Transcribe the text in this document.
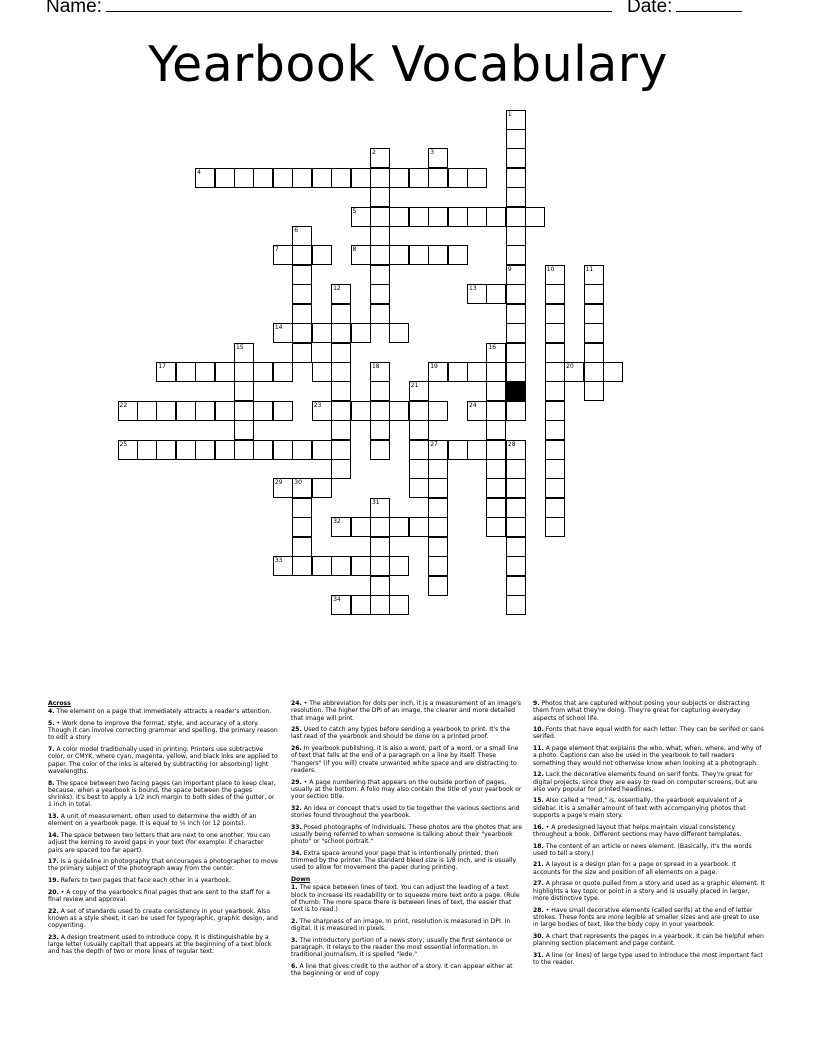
Name:	Date:
Yearbook Vocabulary
1
2	3
4
5
6
7	8
9	10	11
12	13
14
15	16
17	18	19	20
21
22	23	24
25	27	28
29 30
31
32
33
34
Across
4. The element on a page that immediately attracts a reader's attention.
5. • Work done to improve the format, style, and accuracy of a story. Though it can involve correcting grammar and spelling, the primary reason to edit a story
7. A color model traditionally used in printing. Printers use subtractive color, or CMYK, where cyan, magenta, yellow, and black inks are applied to paper. The color of the inks is altered by subtracting (or absorbing) light wavelengths.
8. The space between two facing pages (an important place to keep clear, because, when a yearbook is bound, the space between the pages shrinks). It's best to apply a 1/2 inch margin to both sides of the gutter, or 1 inch in total.
13. A unit of measurement, often used to determine the width of an element on a yearbook page. It is equal to ⅙ inch (or 12 points).
14. The space between two letters that are next to one another. You can adjust the kerning to avoid gaps in your text (for example: if character pairs are spaced too far apart).
17. Is a guideline in photography that encourages a photographer to move the primary subject of the photograph away from the center.
19. Refers to two pages that face each other in a yearbook.
20. • A copy of the yearbook's final pages that are sent to the staff for a final review and approval.
22. A set of standards used to create consistency in your yearbook. Also known as a style sheet, it can be used for typographic, graphic design, and copywriting.
23. A design treatment used to introduce copy. It is distinguishable by a large letter (usually capital) that appears at the beginning of a text block and has the depth of two or more lines of regular text.
24. • The abbreviation for dots per inch, it is a measurement of an image's resolution. The higher the DPI of an image, the clearer and more detailed that image will print.
25. Used to catch any typos before sending a yearbook to print. It's the last read of the yearbook and should be done on a printed proof.
26. In yearbook publishing, it is also a word, part of a word, or a small line of text that falls at the end of a paragraph on a line by itself. These "hangers" (if you will) create unwanted white space and are distracting to readers.
29. • A page numbering that appears on the outside portion of pages, usually at the bottom. A folio may also contain the title of your yearbook or your section title.
32. An idea or concept that's used to tie together the various sections and stories found throughout the yearbook.
33. Posed photographs of individuals. These photos are the photos that are usually being referred to when someone is talking about their "yearbook photo" or "school portrait."
34. Extra space around your page that is intentionally printed, then trimmed by the printer. The standard bleed size is 1/8 inch, and is usually used to allow for movement the paper during printing.
Down
1. The space between lines of text. You can adjust the leading of a text block to increase its readability or to squeeze more text onto a page. (Rule of thumb: The more space there is between lines of text, the easier that text is to read.)
2. The sharpness of an image. In print, resolution is measured in DPI. In digital, it is measured in pixels.
3. The introductory portion of a news story; usually the first sentence or paragraph. It relays to the reader the most essential information. In traditional journalism, it is spelled "lede."
6. A line that gives credit to the author of a story. It can appear either at the beginning or end of copy
9. Photos that are captured without posing your subjects or distracting them from what they're doing. They're great for capturing everyday aspects of school life.
10. Fonts that have equal width for each letter. They can be serifed or sans serifed.
11. A page element that explains the who, what, when, where, and why of a photo. Captions can also be used in the yearbook to tell readers something they would not otherwise know when looking at a photograph.
12. Lack the decorative elements found on serif fonts. They're great for digital projects, since they are easy to read on computer screens, but are also very popular for printed headlines.
15. Also called a "mod," is, essentially, the yearbook equivalent of a sidebar. It is a smaller amount of text with accompanying photos that supports a page's main story.
16. • A predesigned layout that helps maintain visual consistency throughout a book. Different sections may have different templates.
18. The content of an article or news element. (Basically, it's the words used to tell a story.)
21. A layout is a design plan for a page or spread in a yearbook. It accounts for the size and position of all elements on a page.
27. A phrase or quote pulled from a story and used as a graphic element. It highlights a key topic or point in a story and is usually placed in larger, more distinctive type.
28. • Have small decorative elements (called serifs) at the end of letter strokes. These fonts are more legible at smaller sizes and are great to use in large bodies of text, like the body copy in your yearbook.
30. A chart that represents the pages in a yearbook. It can be helpful when planning section placement and page content.
31. A line (or lines) of large type used to introduce the most important fact to the reader.
